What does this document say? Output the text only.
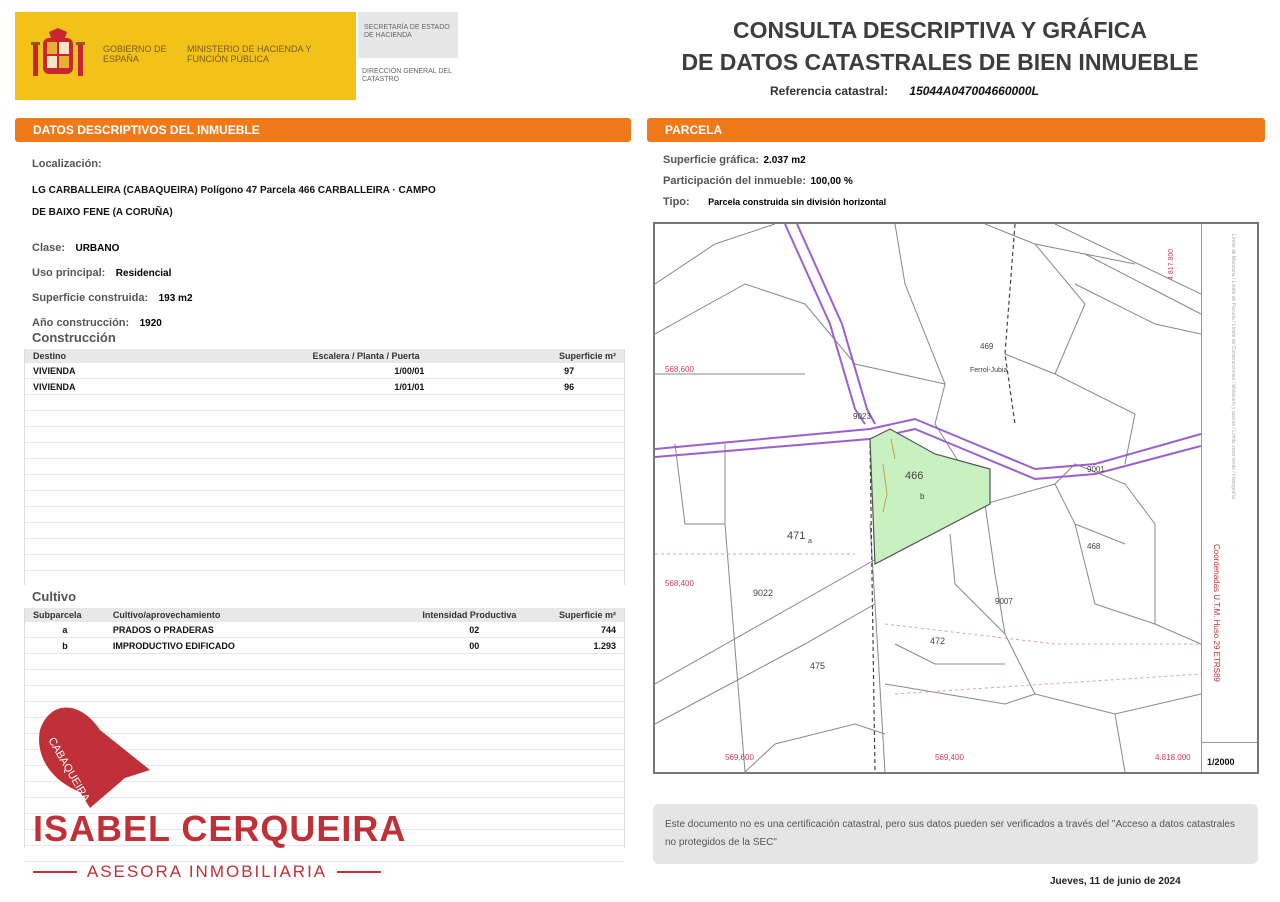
GOBIERNO DE ESPAÑA
MINISTERIO DE HACIENDA Y FUNCIÓN PÚBLICA
SECRETARÍA DE ESTADO DE HACIENDA
DIRECCIÓN GENERAL DEL CATASTRO
CONSULTA DESCRIPTIVA Y GRÁFICA
DE DATOS CATASTRALES DE BIEN INMUEBLE
Referencia catastral: 15044A047004660000L
DATOS DESCRIPTIVOS DEL INMUEBLE
Localización:
LG CARBALLEIRA (CABAQUEIRA) Polígono 47 Parcela 466 CARBALLEIRA · CAMPO DE BAIXO FENE (A CORUÑA)
Clase: URBANO
Uso principal: Residencial
Superficie construida: 193 m2
Año construcción: 1920
Construcción
Destino	Escalera / Planta / Puerta	Superficie m²
VIVIENDA	1/00/01	97
VIVIENDA	1/01/01	96
Cultivo
Subparcela	Cultivo/aprovechamiento	Intensidad Productiva	Superficie m²
a	PRADOS O PRADERAS	02	744
b	IMPRODUCTIVO EDIFICADO	00	1.293
PARCELA
Superficie gráfica: 2.037 m2
Participación del inmueble: 100,00 %
Tipo: Parcela construida sin división horizontal
466
b
471 a
9022
472
475
9023
469
Ferrol-Jubia
9001
468
9007
568,600
568,400
569,600	569,400	4.818.000
4.817.800
Coordenadas U.T.M. Huso 29 ETRS89
Límite de Manzana / Límite de Parcela / Límite de Construcciones / Mobiliario y aceras / Límite zona verde / Hidrografía
1/2000
Este documento no es una certificación catastral, pero sus datos pueden ser verificados a través del "Acceso a datos catastrales no protegidos de la SEC"
Jueves, 11 de junio de 2024
CABAQUEIRA
ISABEL CERQUEIRA
ASESORA INMOBILIARIA
